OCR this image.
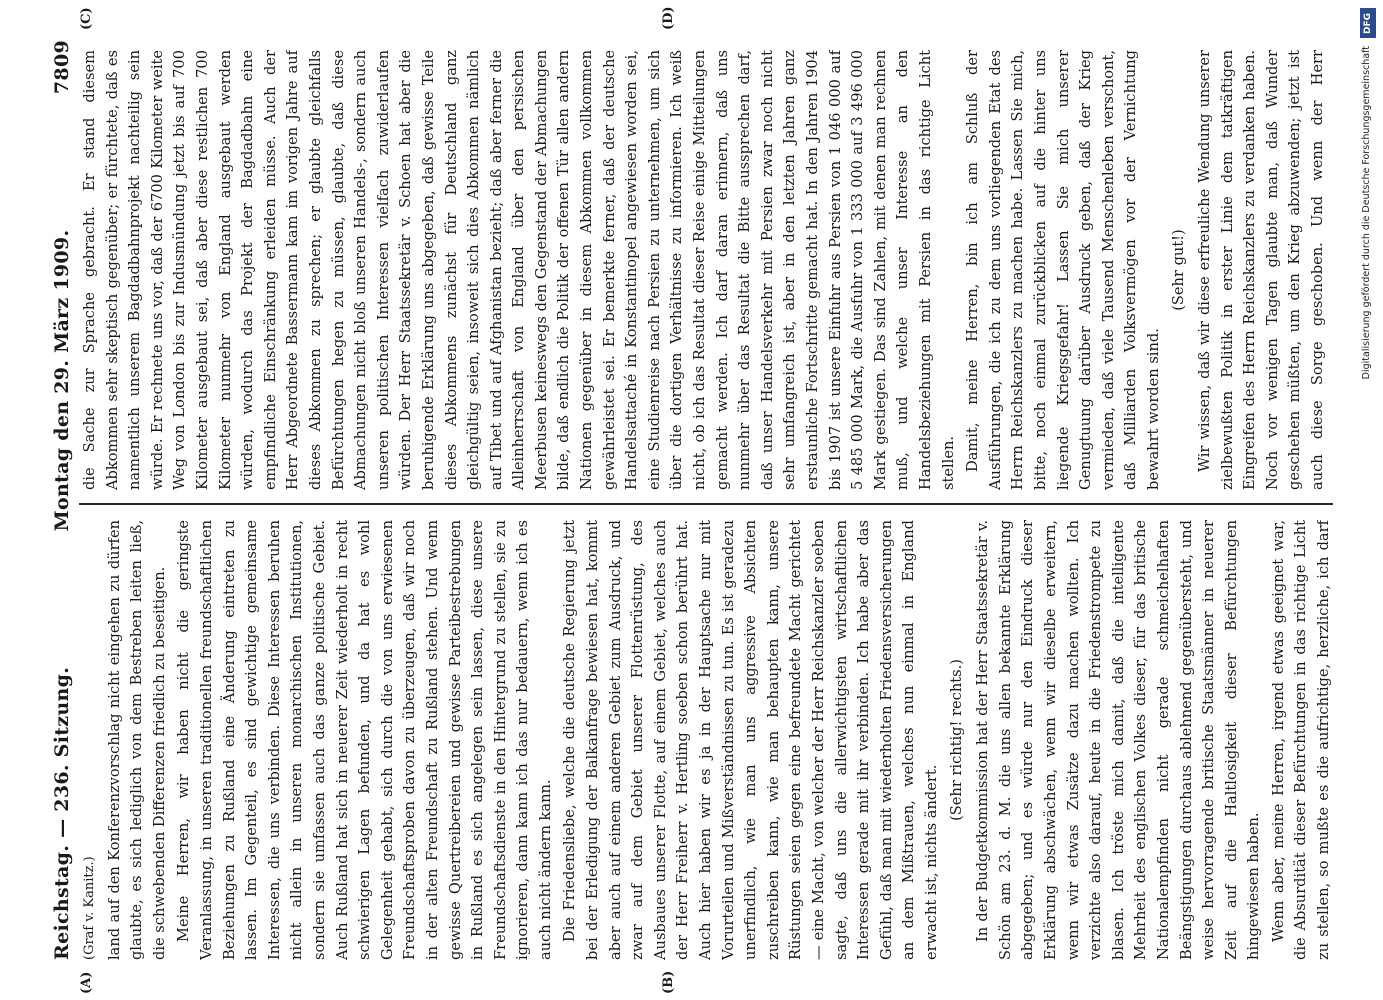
Reichstag. — 236. Sitzung.
Montag den 29. März 1909.
7809
(A)	(B)
(C)	(D)
(Graf v. Kanitz.) land auf den Konferenzvorschlag nicht eingehen zu dürfen glaubte, es sich lediglich von dem Bestreben leiten ließ, die schwebenden Differenzen friedlich zu beseitigen. Meine Herren, wir haben nicht die geringste Veranlassung, in unseren traditionellen freundschaftlichen Beziehungen zu Rußland eine Änderung eintreten zu lassen. Im Gegenteil, es sind gewichtige gemeinsame Interessen, die uns verbinden. Diese Interessen beruhen nicht allein in unseren monarchischen Institutionen, sondern sie umfassen auch das ganze politische Gebiet. Auch Rußland hat sich in neuerer Zeit wiederholt in recht schwierigen Lagen befunden, und da hat es wohl Gelegenheit gehabt, sich durch die von uns erwiesenen Freundschaftsproben davon zu überzeugen, daß wir noch in der alten Freundschaft zu Rußland stehen. Und wenn gewisse Quertreibereien und gewisse Parteibestrebungen in Rußland es sich angelegen sein lassen, diese unsere Freundschaftsdienste in den Hintergrund zu stellen, sie zu ignorieren, dann kann ich das nur bedauern, wenn ich es auch nicht ändern kann. Die Friedensliebe, welche die deutsche Regierung jetzt bei der Erledigung der Balkanfrage bewiesen hat, kommt aber auch auf einem anderen Gebiet zum Ausdruck, und zwar auf dem Gebiet unserer Flottenrüstung, des Ausbaues unserer Flotte, auf einem Gebiet, welches auch der Herr Freiherr v. Hertling soeben schon berührt hat. Auch hier haben wir es ja in der Hauptsache nur mit Vorurteilen und Mißverständnissen zu tun. Es ist geradezu unerfindlich, wie man uns aggressive Absichten zuschreiben kann, wie man behaupten kann, unsere Rüstungen seien gegen eine befreundete Macht gerichtet — eine Macht, von welcher der Herr Reichskanzler soeben sagte, daß uns die allerwichtigsten wirtschaftlichen Interessen gerade mit ihr verbinden. Ich habe aber das Gefühl, daß man mit wiederholten Friedensversicherungen an dem Mißtrauen, welches nun einmal in England erwacht ist, nichts ändert.

(Sehr richtig! rechts.) In der Budgetkommission hat der Herr Staatssekretär v. Schön am 23. d. M. die uns allen bekannte Erklärung abgegeben; und es würde nur den Eindruck dieser Erklärung abschwächen, wenn wir dieselbe erweitern, wenn wir etwas Zusätze dazu machen wollten. Ich verzichte also darauf, heute in die Friedenstrompete zu blasen. Ich tröste mich damit, daß die intelligente Mehrheit des englischen Volkes dieser, für das britische Nationalempfinden nicht gerade schmeichelhaften Beängstigungen durchaus ablehnend gegenübersteht, und weise hervorragende britische Staatsmänner in neuerer Zeit auf die Haltlosigkeit dieser Befürchtungen hingewiesen haben. Wenn aber, meine Herren, irgend etwas geeignet war, die Absurdität dieser Befürchtungen in das richtige Licht zu stellen, so mußte es die aufrichtige, herzliche, ich darf

die Sache zur Sprache gebracht. Er stand diesem Abkommen sehr skeptisch gegenüber; er fürchtete, daß es namentlich unserem Bagdadbahnprojekt nachteilig sein würde. Er rechnete uns vor, daß der 6700 Kilometer weite Weg von London bis zur Indusmündung jetzt bis auf 700 Kilometer ausgebaut sei, daß aber diese restlichen 700 Kilometer nunmehr von England ausgebaut werden würden, wodurch das Projekt der Bagdadbahn eine empfindliche Einschränkung erleiden müsse. Auch der Herr Abgeordnete Bassermann kam im vorigen Jahre auf dieses Abkommen zu sprechen; er glaubte gleichfalls Befürchtungen hegen zu müssen, glaubte, daß diese Abmachungen nicht bloß unseren Handels-, sondern auch unseren politischen Interessen vielfach zuwiderlaufen würden. Der Herr Staatssekretär v. Schoen hat aber die beruhigende Erklärung uns abgegeben, daß gewisse Teile dieses Abkommens zunächst für Deutschland ganz gleichgültig seien, insoweit sich dies Abkommen nämlich auf Tibet und auf Afghanistan bezieht; daß aber ferner die Alleinherrschaft von England über den persischen Meerbusen keineswegs den Gegenstand der Abmachungen bilde, daß endlich die Politik der offenen Tür allen andern Nationen gegenüber in diesem Abkommen vollkommen gewährleistet sei. Er bemerkte ferner, daß der deutsche Handelsattaché in Konstantinopel angewiesen worden sei, eine Studienreise nach Persien zu unternehmen, um sich über die dortigen Verhältnisse zu informieren. Ich weiß nicht, ob ich das Resultat dieser Reise einige Mitteilungen gemacht werden. Ich darf daran erinnern, daß uns nunmehr über das Resultat die Bitte aussprechen darf, daß unser Handelsverkehr mit Persien zwar noch nicht sehr umfangreich ist, aber in den letzten Jahren ganz erstaunliche Fortschritte gemacht hat. In den Jahren 1904 bis 1907 ist unsere Einfuhr aus Persien von 1 046 000 auf 5 485 000 Mark, die Ausfuhr von 1 333 000 auf 3 496 000 Mark gestiegen. Das sind Zahlen, mit denen man rechnen muß, und welche unser Interesse an den Handelsbeziehungen mit Persien in das richtige Licht stellen. Damit, meine Herren, bin ich am Schluß der Ausführungen, die ich zu dem uns vorliegenden Etat des Herrn Reichskanzlers zu machen habe. Lassen Sie mich, bitte, noch einmal zurückblicken auf die hinter uns liegende Kriegsgefahr! Lassen Sie mich unserer Genugtuung darüber Ausdruck geben, daß der Krieg vermieden, daß viele Tausend Menschenleben verschont, daß Milliarden Volksvermögen vor der Vernichtung bewahrt worden sind.

(Sehr gut!)

Wir wissen, daß wir diese erfreuliche Wendung unserer zielbewußten Politik in erster Linie dem tatkräftigen Eingreifen des Herrn Reichskanzlers zu verdanken haben. Noch vor wenigen Tagen glaubte man, daß Wunder geschehen müßten, um den Krieg abzuwenden; jetzt ist auch diese Sorge geschoben. Und wenn der Herr

DFG
Digitalisierung gefördert durch die Deutsche Forschungsgemeinschaft
